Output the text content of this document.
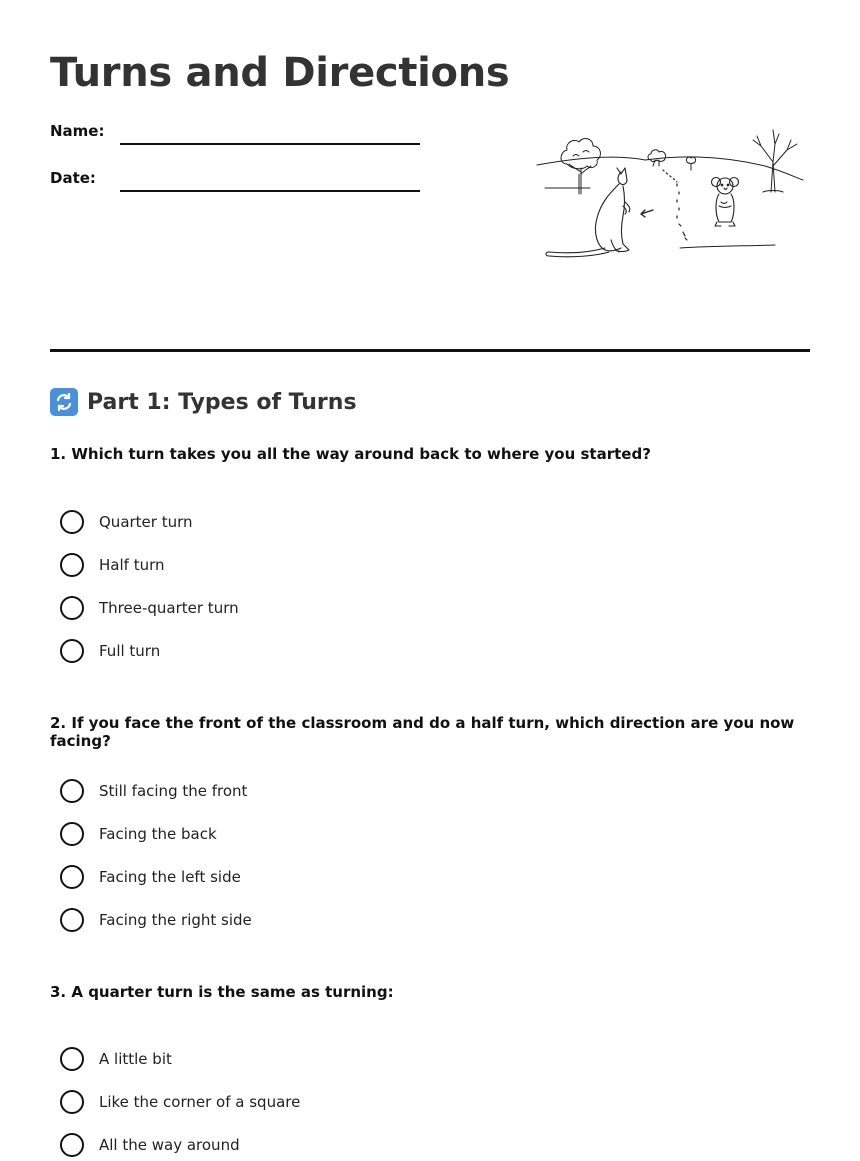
Turns and Directions
Name:
Date:
Part 1: Types of Turns

1. Which turn takes you all the way around back to where you started?

Quarter turn
Half turn
Three-quarter turn
Full turn

2. If you face the front of the classroom and do a half turn, which direction are you now facing?

Still facing the front
Facing the back
Facing the left side
Facing the right side

3. A quarter turn is the same as turning:

A little bit
Like the corner of a square
All the way around
